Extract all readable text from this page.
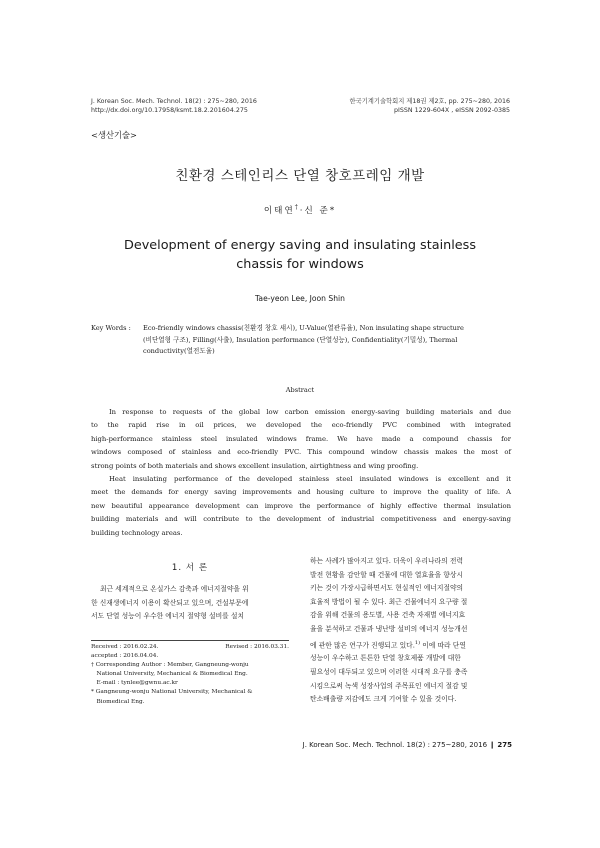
J. Korean Soc. Mech. Technol. 18(2) : 275~280, 2016
http://dx.doi.org/10.17958/ksmt.18.2.201604.275
한국기계기술학회지 제18권 제2호, pp. 275~280, 2016
pISSN 1229-604X , eISSN 2092-0385
<생산기술>
친환경 스테인리스 단열 창호프레임 개발
이태연†·신 준*
Development of energy saving and insulating stainless
chassis for windows
Tae-yeon Lee, Joon Shin
Key Words : Eco-friendly windows chassis(친환경 창호 섀시), U-Value(열관류율), Non insulating shape structure
(비단열형 구조), Filling(사출), Insulation performance (단열성능), Confidentiality(기밀성), Thermal
conductivity(열전도율)
Abstract
In response to requests of the global low carbon emission energy-saving building materials and due
to the rapid rise in oil prices, we developed the eco-friendly PVC combined with integrated
high-performance stainless steel insulated windows frame. We have made a compound chassis for
windows composed of stainless and eco-friendly PVC. This compound window chassis makes the most of
strong points of both materials and shows excellent insulation, airtightness and wing proofing.
Heat insulating performance of the developed stainless steel insulated windows is excellent and it
meet the demands for energy saving improvements and housing culture to improve the quality of life. A
new beautiful appearance development can improve the performance of highly effective thermal insulation
building materials and will contribute to the development of industrial competitiveness and energy-saving
building technology areas.
1. 서 론
최근 세계적으로 온실가스 감축과 에너지절약을 위
한 신재생에너지 이용이 확산되고 있으며, 건설부문에
서도 단열 성능이 우수한 에너지 절약형 설비를 설치
Received : 2016.02.24.	Revised : 2016.03.31.
accepted : 2016.04.04.
† Corresponding Author : Member, Gangneung-wonju
National University, Mechanical & Biomedical Eng.
E-mail : tynlee@gwnu.ac.kr
* Gangneung-wonju National University, Mechanical &
Biomedical Eng.
하는 사례가 많아지고 있다. 더욱이 우리나라의 전력
발전 현황을 감안할 때 건물에 대한 열효율을 향상시
키는 것이 가장시급하면서도 현실적인 에너지절약의
효율적 방법이 될 수 있다. 최근 건물에너지 요구량 절
감을 위해 건물의 용도별, 사용 건축 자재별 에너지효
율을 분석하고 건물과 냉난방 설비의 에너지 성능개선
에 관한 많은 연구가 진행되고 있다.$^{1)}$ 이에 따라 단열
성능이 우수하고 튼튼한 단열 창호제품 개발에 대한
필요성이 대두되고 있으며 이러한 시대적 요구를 충족
시킴으로써 녹색 성장사업의 주목표인 에너지 절감 및
탄소배출량 저감에도 크게 기여할 수 있을 것이다.
J. Korean Soc. Mech. Technol. 18(2) : 275~280, 2016 ❙ 275
